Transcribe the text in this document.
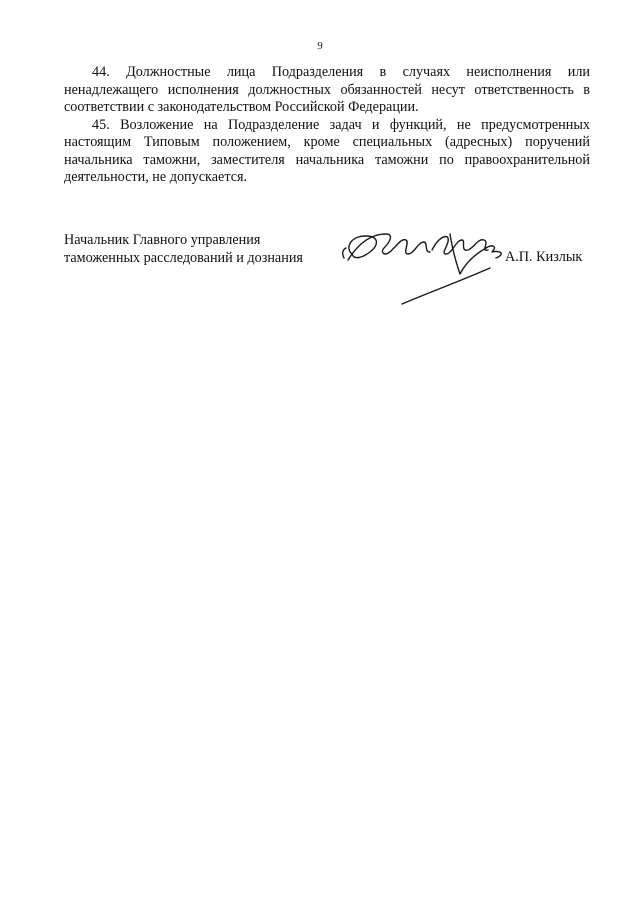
9

44. Должностные лица Подразделения в случаях неисполнения или ненадлежащего исполнения должностных обязанностей несут ответственность в соответствии с законодательством Российской Федерации.

45. Возложение на Подразделение задач и функций, не предусмотренных настоящим Типовым положением, кроме специальных (адресных) поручений начальника таможни, заместителя начальника таможни по правоохранительной деятельности, не допускается.

Начальник Главного управления
таможенных расследований и дознания	А.П. Кизлык
